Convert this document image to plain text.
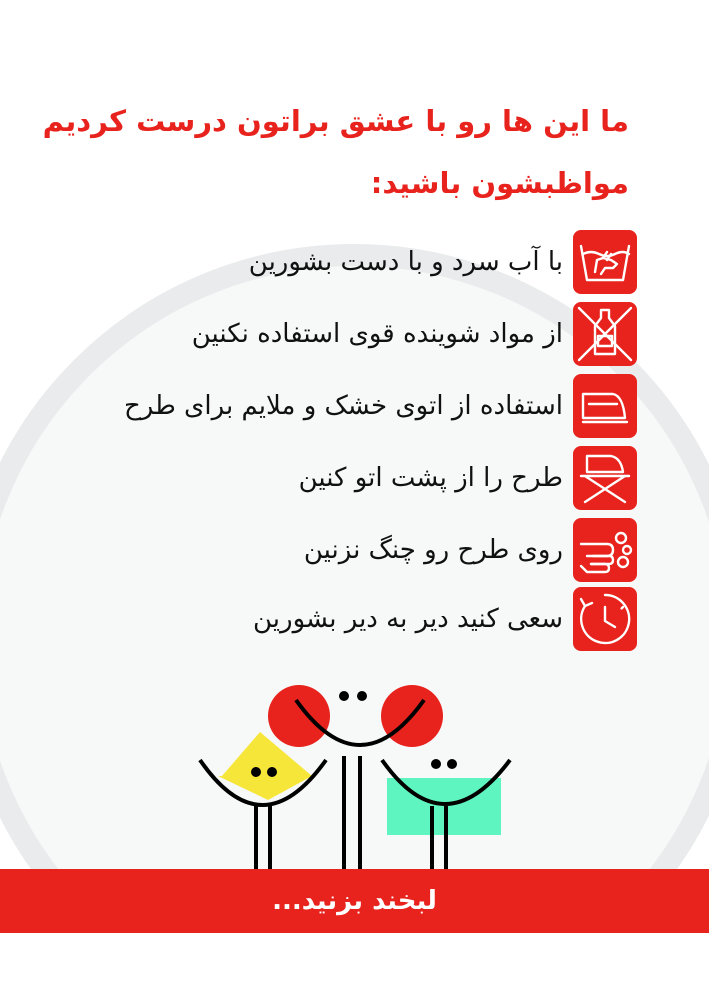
ما این ها رو با عشق براتون درست کردیم
مواظبشون باشید:
با آب سرد و با دست بشورین
از مواد شوینده قوی استفاده نکنین
استفاده از اتوی خشک و ملایم برای طرح
طرح را از پشت اتو کنین
روی طرح رو چنگ نزنین
سعی کنید دیر به دیر بشورین
لبخند بزنید...
